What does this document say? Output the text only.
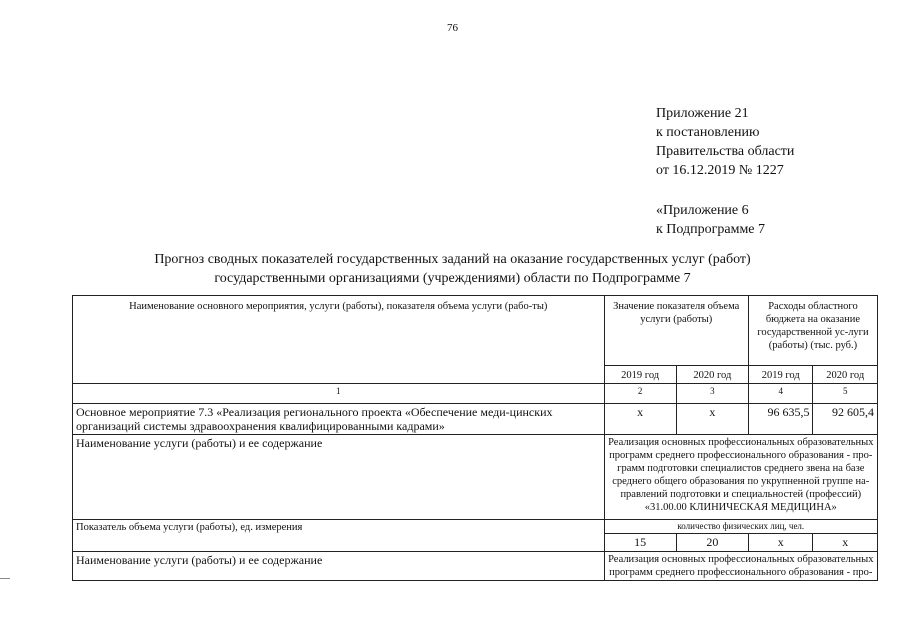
76
Приложение 21
к постановлению
Правительства области
от 16.12.2019 № 1227
«Приложение 6
к Подпрограмме 7
Прогноз сводных показателей государственных заданий на оказание государственных услуг (работ)
государственными организациями (учреждениями) области по Подпрограмме 7
Наименование основного мероприятия, услуги (работы), показателя объема услуги (рабо-ты)	Значение показателя объема услуги (работы)		Расходы областного бюджета на оказание государственной ус-луги (работы) (тыс. руб.)	
	2019 год	2020 год	2019 год	2020 год
1	2	3	4	5
Основное мероприятие 7.3 «Реализация регионального проекта «Обеспечение меди-цинских организаций системы здравоохранения квалифицированными кадрами»	х	х	96 635,5	92 605,4
Наименование услуги (работы) и ее содержание	Реализация основных профессиональных образовательных программ среднего профессионального образования - про-грамм подготовки специалистов среднего звена на базе среднего общего образования по укрупненной группе на-правлений подготовки и специальностей (профессий) «31.00.00 КЛИНИЧЕСКАЯ МЕДИЦИНА»			
Показатель объема услуги (работы), ед. измерения	количество физических лиц, чел.			
	15	20	х	х
Наименование услуги (работы) и ее содержание	Реализация основных профессиональных образовательных программ среднего профессионального образования - про-			
